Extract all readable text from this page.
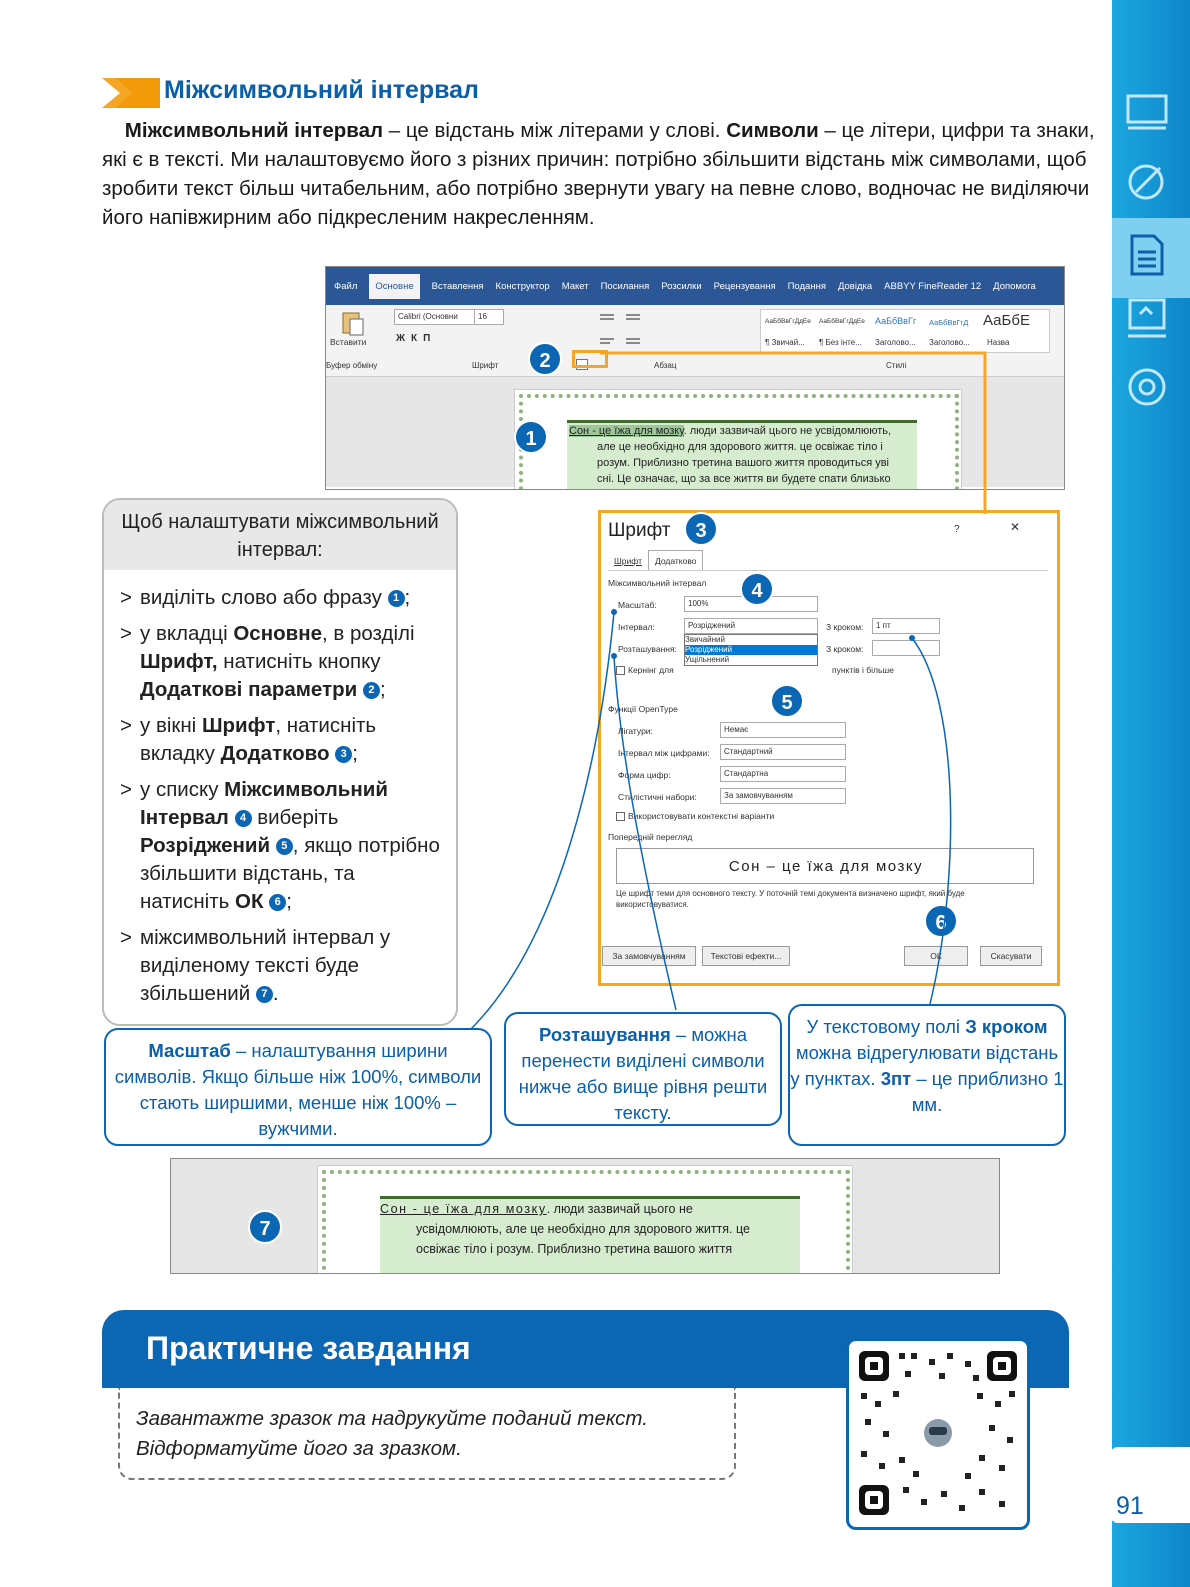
91
Міжсимвольний інтервал
Міжсимвольний інтервал – це відстань між літерами у слові. Символи – це літери, цифри та знаки, які є в тексті. Ми налаштовуємо його з різних причин: потрібно збільшити відстань між символами, щоб зробити текст більш читабельним, або потрібно звернути увагу на певне слово, водночас не виділяючи його напівжирним або підкресленим накресленням.
Файл	Основне	Вставлення Конструктор Макет Посилання Розсилки Рецензування Подання Довідка ABBYY FineReader 12 Допомога
Вставити
Calibri (Основни	16
ЖКП
АаБбВвГгДдЕе АаБбВвГгДдЕе АаБбВвГг АаБбВвГгД АаБбЕ
¶ Звичай... ¶ Без інте... Заголово... Заголово... Назва
Буфер обміну	Шрифт	Абзац	Стилі
Сон - це їжа для мозку. люди зазвичай цього не усвідомлюють,
але це необхідно для здорового життя. це освіжає тіло і
розум. Приблизно третина вашого життя проводиться уві
сні. Це означає, що за все життя ви будете спати близько
1
2
Шрифт	?	✕
Шрифт	Додатково
Міжсимвольний інтервал
Масштаб:	100%
Інтервал:	Розріджений	З кроком:	1 пт
Розташування:	З кроком:
Звичайний
Розріджений
Ущільнений
Кернінг для	пунктів і більше
Функції OpenType
Лігатури:	Немає
Інтервал між цифрами:	Стандартний
Форма цифр:	Стандартна
Стилістичні набори:	За замовчуванням
Використовувати контекстні варіанти
Попередній перегляд
Сон – це їжа для мозку
Це шрифт теми для основного тексту. У поточній темі документа визначено шрифт, який буде використовуватися.
За замовчуванням	Текстові ефекти...	ОК	Скасувати
3
4
5
6
Щоб налаштувати міжсимвольний інтервал:
> виділіть слово або фразу 1 ;
> у вкладці Основне, в розділі Шрифт, натисніть кнопку Додаткові параметри 2 ;
> у вікні Шрифт, натисніть вкладку Додатково 3 ;
> у списку Міжсимвольний Інтервал 4 виберіть Розріджений 5 , якщо потрібно збільшити відстань, та натисніть ОК 6 ;
> міжсимвольний інтервал у виділеному тексті буде збільшений 7 .
Масштаб – налаштування ширини символів. Якщо більше ніж 100%, символи стають ширшими, менше ніж 100% – вужчими.
Розташування – можна перенести виділені символи нижче або вище рівня решти тексту.
У текстовому полі З кроком можна відрегулювати відстань у пунктах. 3пт – це приблизно 1 мм.
Сон - це їжа для мозку. люди зазвичай цього не
усвідомлюють, але це необхідно для здорового життя. це
освіжає тіло і розум. Приблизно третина вашого життя
7
Практичне завдання
Завантажте зразок та надрукуйте поданий текст. Відформатуйте його за зразком.
